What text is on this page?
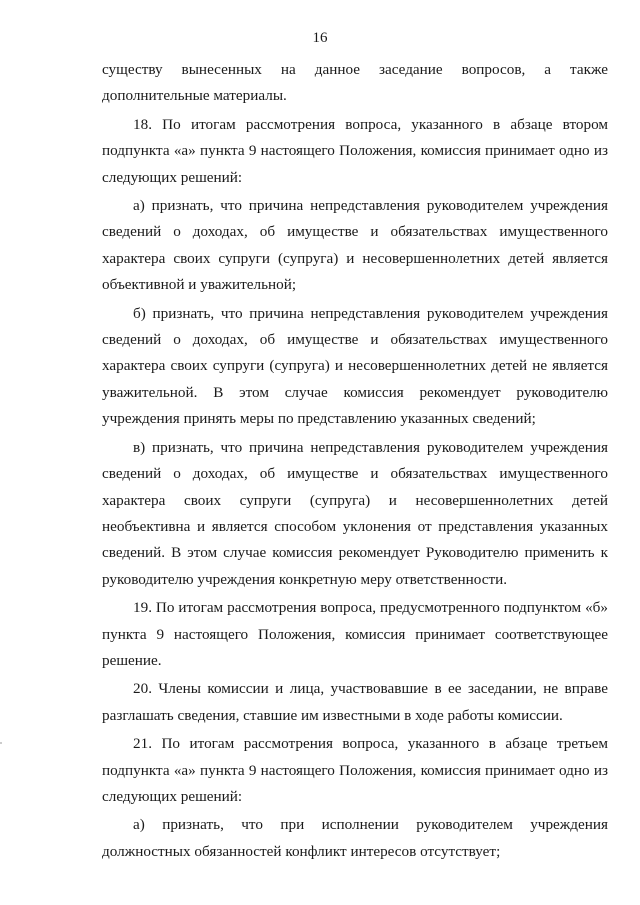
16

существу вынесенных на данное заседание вопросов, а также дополнительные материалы.

18. По итогам рассмотрения вопроса, указанного в абзаце втором подпункта «а» пункта 9 настоящего Положения, комиссия принимает одно из следующих решений:

а) признать, что причина непредставления руководителем учреждения сведений о доходах, об имуществе и обязательствах имущественного характера своих супруги (супруга) и несовершеннолетних детей является объективной и уважительной;

б) признать, что причина непредставления руководителем учреждения сведений о доходах, об имуществе и обязательствах имущественного характера своих супруги (супруга) и несовершеннолетних детей не является уважительной. В этом случае комиссия рекомендует руководителю учреждения принять меры по представлению указанных сведений;

в) признать, что причина непредставления руководителем учреждения сведений о доходах, об имуществе и обязательствах имущественного характера своих супруги (супруга) и несовершеннолетних детей необъективна и является способом уклонения от представления указанных сведений. В этом случае комиссия рекомендует Руководителю применить к руководителю учреждения конкретную меру ответственности.

19. По итогам рассмотрения вопроса, предусмотренного подпунктом «б» пункта 9 настоящего Положения, комиссия принимает соответствующее решение.

20. Члены комиссии и лица, участвовавшие в ее заседании, не вправе разглашать сведения, ставшие им известными в ходе работы комиссии.

21. По итогам рассмотрения вопроса, указанного в абзаце третьем подпункта «а» пункта 9 настоящего Положения, комиссия принимает одно из следующих решений:

а) признать, что при исполнении руководителем учреждения должностных обязанностей конфликт интересов отсутствует;
